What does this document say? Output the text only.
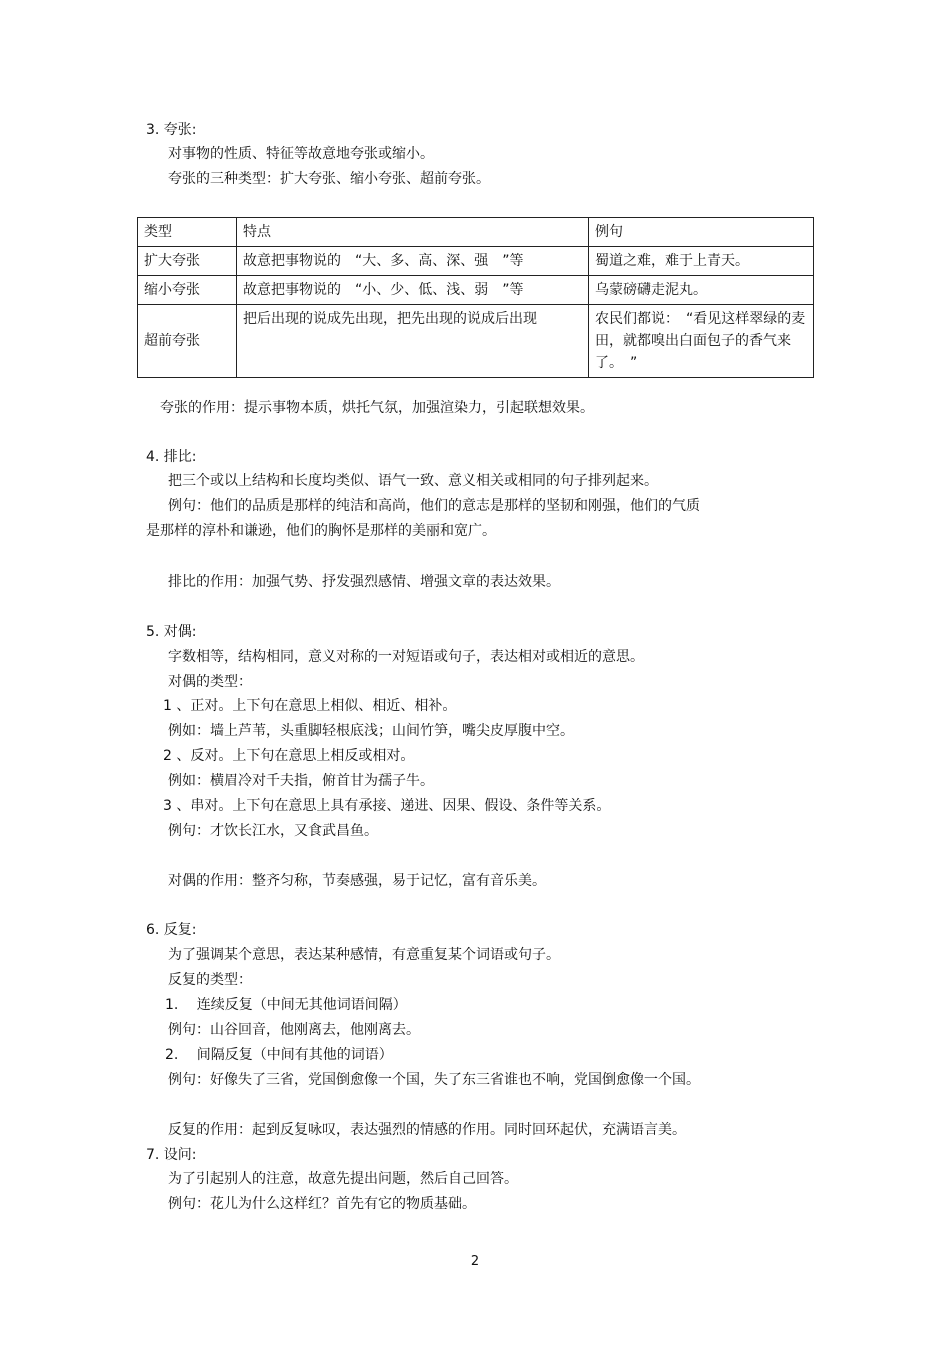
3. 夸张:
对事物的性质、特征等故意地夸张或缩小。
夸张的三种类型：扩大夸张、缩小夸张、超前夸张。
类型	特点	例句
扩大夸张	故意把事物说的　“大、多、高、深、强　”等	蜀道之难，难于上青天。
缩小夸张	故意把事物说的　“小、少、低、浅、弱　”等	乌蒙磅礴走泥丸。
超前夸张	把后出现的说成先出现，把先出现的说成后出现	农民们都说：　“看见这样翠绿的麦田，就都嗅出白面包子的香气来了。　”
夸张的作用：提示事物本质，烘托气氛，加强渲染力，引起联想效果。
4. 排比:
把三个或以上结构和长度均类似、语气一致、意义相关或相同的句子排列起来。
例句：他们的品质是那样的纯洁和高尚，他们的意志是那样的坚韧和刚强，他们的气质
是那样的淳朴和谦逊，他们的胸怀是那样的美丽和宽广。
排比的作用：加强气势、抒发强烈感情、增强文章的表达效果。
5. 对偶:
字数相等，结构相同，意义对称的一对短语或句子，表达相对或相近的意思。
对偶的类型：
1 、正对。上下句在意思上相似、相近、相补。
例如：墙上芦苇，头重脚轻根底浅；山间竹笋，嘴尖皮厚腹中空。
2 、反对。上下句在意思上相反或相对。
例如：横眉冷对千夫指，俯首甘为孺子牛。
3 、串对。上下句在意思上具有承接、递进、因果、假设、条件等关系。
例句：才饮长江水，又食武昌鱼。
对偶的作用：整齐匀称，节奏感强，易于记忆，富有音乐美。
6. 反复:
为了强调某个意思，表达某种感情，有意重复某个词语或句子。
反复的类型：
1.　 连续反复（中间无其他词语间隔）
例句：山谷回音，他刚离去，他刚离去。
2.　 间隔反复（中间有其他的词语）
例句：好像失了三省，党国倒愈像一个国，失了东三省谁也不响，党国倒愈像一个国。
反复的作用：起到反复咏叹，表达强烈的情感的作用。同时回环起伏，充满语言美。
7. 设问:
为了引起别人的注意，故意先提出问题，然后自己回答。
例句：花儿为什么这样红？首先有它的物质基础。
2
